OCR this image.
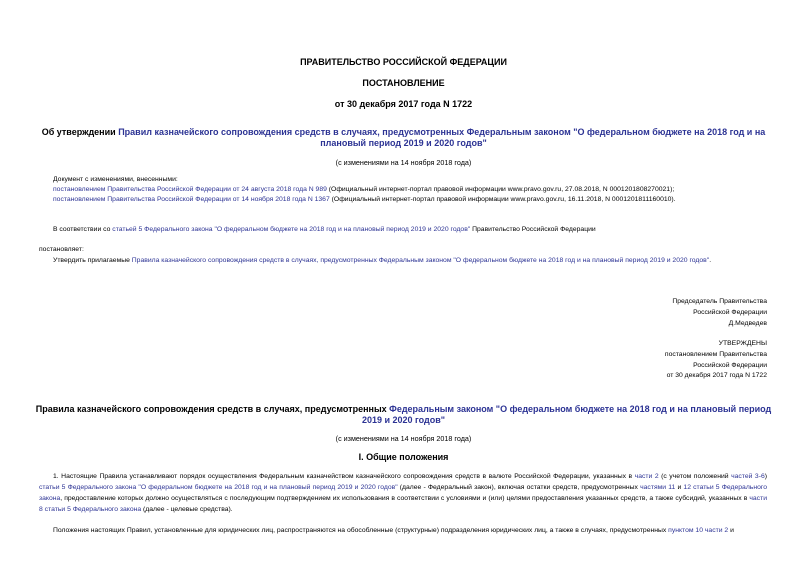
ПРАВИТЕЛЬСТВО РОССИЙСКОЙ ФЕДЕРАЦИИ
ПОСТАНОВЛЕНИЕ
от 30 декабря 2017 года N 1722
Об утверждении Правил казначейского сопровождения средств в случаях, предусмотренных Федеральным законом "О федеральном бюджете на 2018 год и на
плановый период 2019 и 2020 годов"
(с изменениями на 14 ноября 2018 года)
Документ с изменениями, внесенными:
постановлением Правительства Российской Федерации от 24 августа 2018 года N 989 (Официальный интернет-портал правовой информации www.pravo.gov.ru, 27.08.2018, N 0001201808270021);
постановлением Правительства Российской Федерации от 14 ноября 2018 года N 1367 (Официальный интернет-портал правовой информации www.pravo.gov.ru, 16.11.2018, N 0001201811160010).
В соответствии со статьей 5 Федерального закона "О федеральном бюджете на 2018 год и на плановый период 2019 и 2020 годов" Правительство Российской Федерации
постановляет:
Утвердить прилагаемые Правила казначейского сопровождения средств в случаях, предусмотренных Федеральным законом "О федеральном бюджете на 2018 год и на плановый период 2019 и 2020 годов".
Председатель Правительства
Российской Федерации
Д.Медведев
УТВЕРЖДЕНЫ
постановлением Правительства
Российской Федерации
от 30 декабря 2017 года N 1722
Правила казначейского сопровождения средств в случаях, предусмотренных Федеральным законом "О федеральном бюджете на 2018 год и на плановый период
2019 и 2020 годов"
(с изменениями на 14 ноября 2018 года)
I. Общие положения
1. Настоящие Правила устанавливают порядок осуществления Федеральным казначейством казначейского сопровождения средств в валюте Российской Федерации, указанных в части 2 (с учетом положений частей 3-6) статьи 5 Федерального закона "О федеральном бюджете на 2018 год и на плановый период 2019 и 2020 годов" (далее - Федеральный закон), включая остатки средств, предусмотренных частями 11 и 12 статьи 5 Федерального закона, предоставление которых должно осуществляться с последующим подтверждением их использования в соответствии с условиями и (или) целями предоставления указанных средств, а также субсидий, указанных в части 8 статьи 5 Федерального закона (далее - целевые средства).
Положения настоящих Правил, установленные для юридических лиц, распространяются на обособленные (структурные) подразделения юридических лиц, а также в случаях, предусмотренных пунктом 10 части 2 и
